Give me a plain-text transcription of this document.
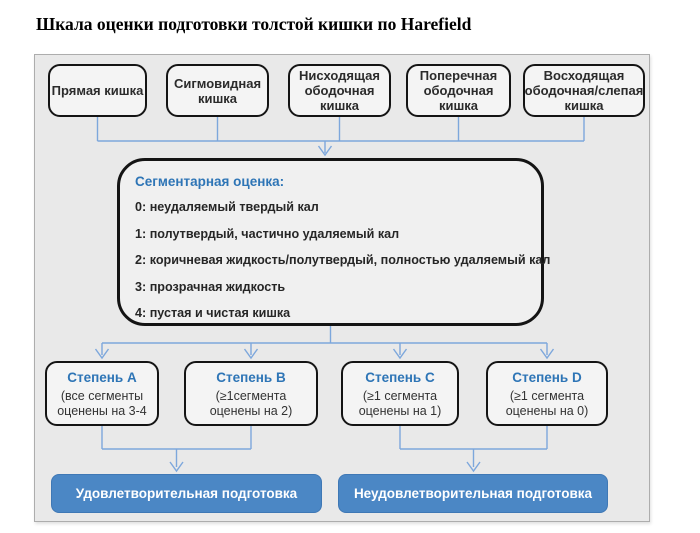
Шкала оценки подготовки толстой кишки по Harefield
Прямая кишка Сигмовидная
кишка
Нисходящая
ободочная
кишка
Поперечная
ободочная
кишка
Восходящая
ободочная/слепая
кишка

Сегментарная оценка:

0: неудаляемый твердый кал

1: полутвердый, частично удаляемый кал

2: коричневая жидкость/полутвердый, полностью удаляемый кал

3: прозрачная жидкость

4: пустая и чистая кишка

Степень A
(все сегменты
оценены на 3-4
Степень B
(≥1сегмента
оценены на 2)
Степень C
(≥1 сегмента
оценены на 1)
Степень D
(≥1 сегмента
оценены на 0)
Удовлетворительная подготовка	Неудовлетворительная подготовка
